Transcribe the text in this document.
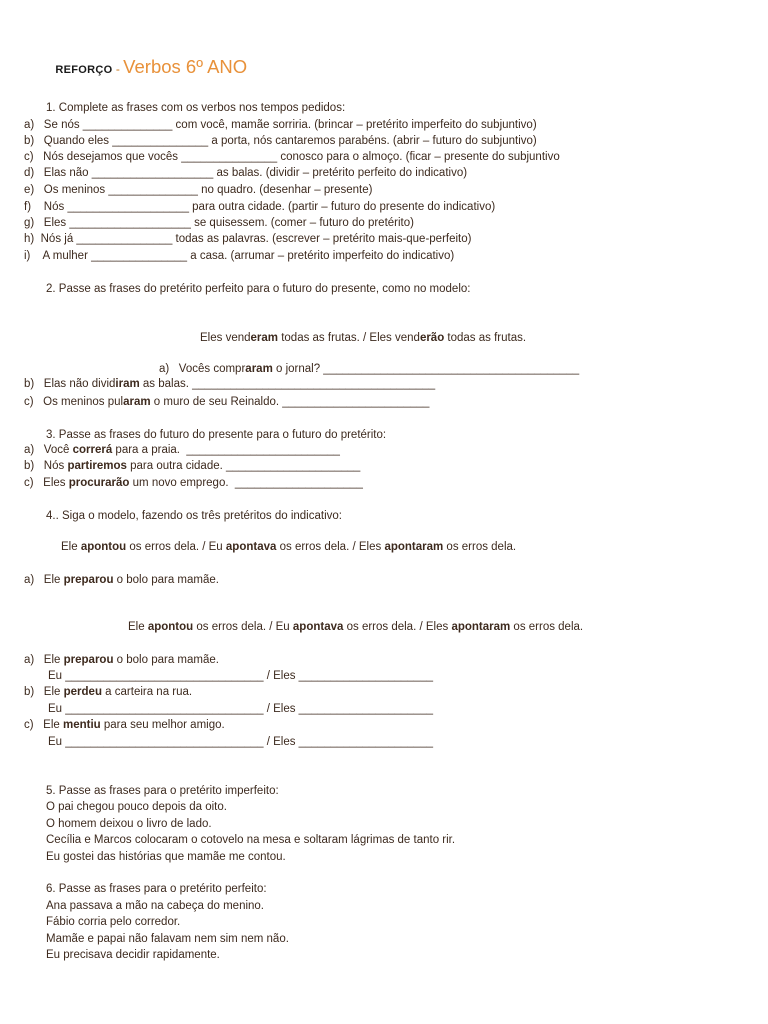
REFORÇO - Verbos 6º ANO

1. Complete as frases com os verbos nos tempos pedidos:
a)   Se nós ______________ com você, mamãe sorriria. (brincar – pretérito imperfeito do subjuntivo)
b)   Quando eles _______________ a porta, nós cantaremos parabéns. (abrir – futuro do subjuntivo)
c)   Nós desejamos que vocês _______________ conosco para o almoço. (ficar – presente do subjuntivo
d)   Elas não ___________________ as balas. (dividir – pretérito perfeito do indicativo)
e)   Os meninos ______________ no quadro. (desenhar – presente)
f)    Nós ___________________ para outra cidade. (partir – futuro do presente do indicativo)
g)   Eles ___________________ se quisessem. (comer – futuro do pretérito)
h)  Nós já _______________ todas as palavras. (escrever – pretérito mais-que-perfeito)
i)    A mulher _______________ a casa. (arrumar – pretérito imperfeito do indicativo)
2. Passe as frases do pretérito perfeito para o futuro do presente, como no modelo:
Eles venderam todas as frutas. / Eles venderão todas as frutas.
a)   Vocês compraram o jornal? ________________________________________
b)   Elas não dividiram as balas. ______________________________________
c)   Os meninos pularam o muro de seu Reinaldo. _______________________
3. Passe as frases do futuro do presente para o futuro do pretérito:
a)   Você correrá para a praia.  ________________________
b)   Nós partiremos para outra cidade. _____________________
c)   Eles procurarão um novo emprego.  ____________________
4.. Siga o modelo, fazendo os três pretéritos do indicativo:
Ele apontou os erros dela. / Eu apontava os erros dela. / Eles apontaram os erros dela.
a)   Ele preparou o bolo para mamãe.
Ele apontou os erros dela. / Eu apontava os erros dela. / Eles apontaram os erros dela.
a)   Ele preparou o bolo para mamãe.
Eu _______________________________ / Eles _____________________
b)   Ele perdeu a carteira na rua.
Eu _______________________________ / Eles _____________________
c)   Ele mentiu para seu melhor amigo.
Eu _______________________________ / Eles _____________________
5. Passe as frases para o pretérito imperfeito:
O pai chegou pouco depois da oito.
O homem deixou o livro de lado.
Cecília e Marcos colocaram o cotovelo na mesa e soltaram lágrimas de tanto rir.
Eu gostei das histórias que mamãe me contou.
6. Passe as frases para o pretérito perfeito:
Ana passava a mão na cabeça do menino.
Fábio corria pelo corredor.
Mamãe e papai não falavam nem sim nem não.
Eu precisava decidir rapidamente.
